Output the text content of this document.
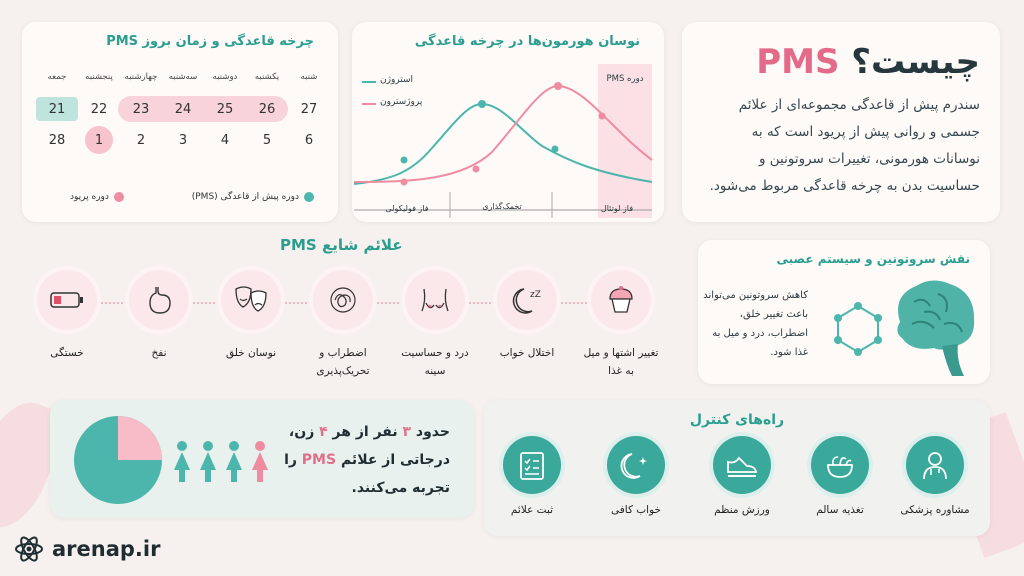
چیست؟ PMS

سندرم پیش از قاعدگی مجموعه‌ای از علائم جسمی و روانی پیش از پریود است که به نوسانات هورمونی، تغییرات سروتونین و حساسیت بدن به چرخه قاعدگی مربوط می‌شود.

نوسان هورمون‌ها در چرخه قاعدگی
استروژن
پروژسترون
دوره PMS
فاز فولیکولی	تخمک‌گذاری	فاز لوتئال
چرخه قاعدگی و زمان بروز PMS
شنبه
یکشنبه
دوشنبه
سه‌شنبه
چهارشنبه
پنجشنبه
جمعه
27
26
25
24
23
22
21
6
5
4
3
2
1
28
دوره پیش از قاعدگی (PMS)
دوره پریود
علائم شایع PMS
تغییر اشتها و میل به غذا
zZ
اختلال خواب
درد و حساسیت سینه
اضطراب و تحریک‌پذیری
نوسان خلق
نفخ
خستگی
نقش سروتونین و سیستم عصبی
کاهش سروتونین می‌تواند باعث تغییر خلق، اضطراب، درد و میل به غذا شود.
حدود ۳ نفر از هر ۴ زن،
درجاتی از علائم PMS را
تجربه می‌کنند.
راه‌های کنترل
مشاوره پزشکی
تغذیه سالم
ورزش منظم
خواب کافی
ثبت علائم
arenap.ir
